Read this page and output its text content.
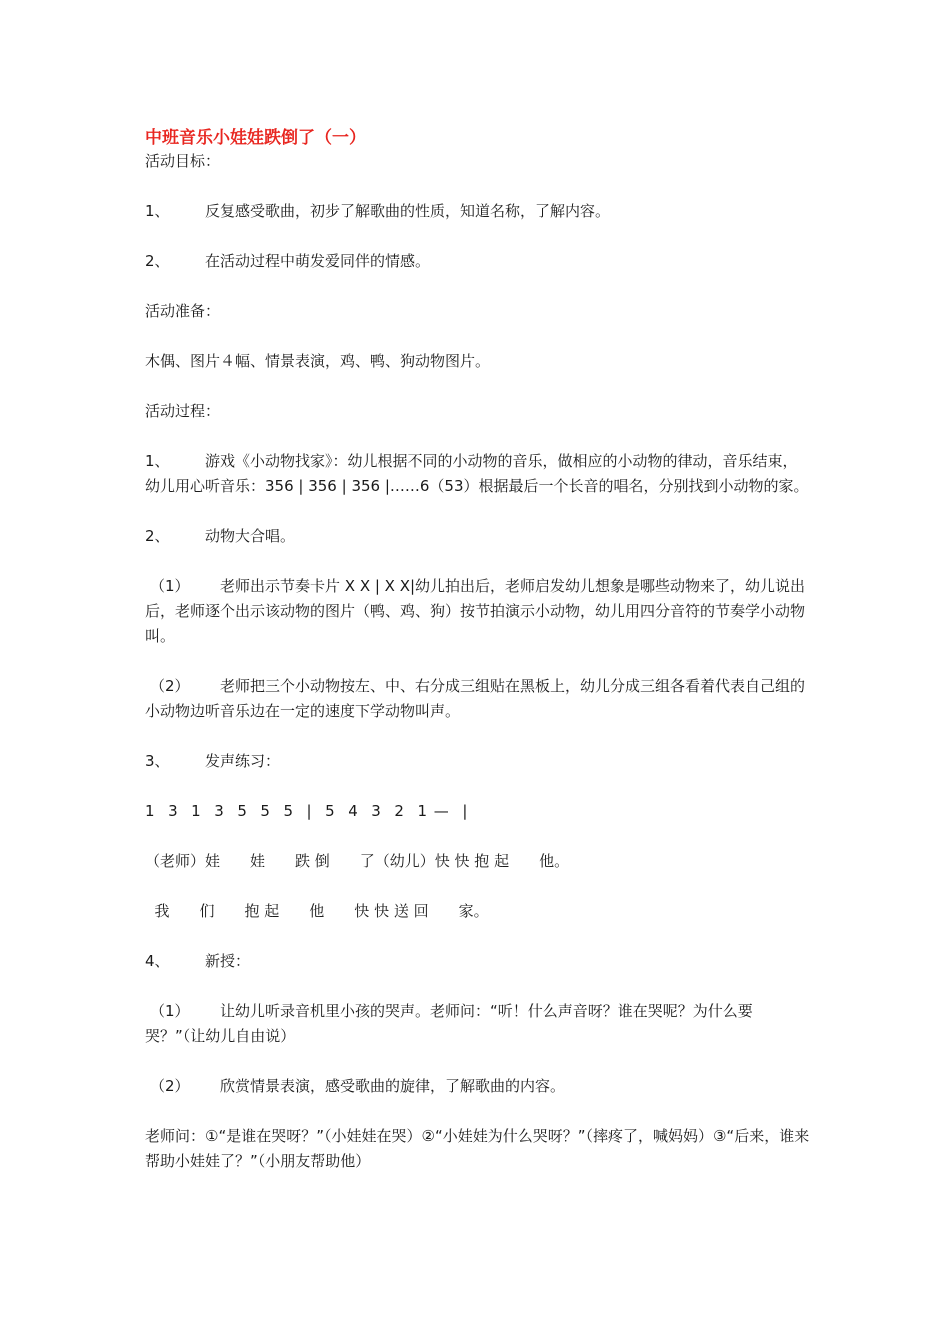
中班音乐小娃娃跌倒了（一）

活动目标：

1、 反复感受歌曲，初步了解歌曲的性质，知道名称，了解内容。

2、 在活动过程中萌发爱同伴的情感。

活动准备：

木偶、图片４幅、情景表演，鸡、鸭、狗动物图片。

活动过程：

1、 游戏《小动物找家》：幼儿根据不同的小动物的音乐，做相应的小动物的律动，音乐结束，幼儿用心听音乐：356 | 356 | 356 |……6（53）根据最后一个长音的唱名，分别找到小动物的家。

2、 动物大合唱。

（1） 老师出示节奏卡片 X X | X X|幼儿拍出后，老师启发幼儿想象是哪些动物来了，幼儿说出后，老师逐个出示该动物的图片（鸭、鸡、狗）按节拍演示小动物，幼儿用四分音符的节奏学小动物叫。

（2） 老师把三个小动物按左、中、右分成三组贴在黑板上，幼儿分成三组各看着代表自己组的小动物边听音乐边在一定的速度下学动物叫声。

3、 发声练习：

1  3  1  3  5  5  5  |  5  4  3  2  1 —  |

（老师）娃　　娃　　跌 倒　　了（幼儿）快 快 抱 起　　他。

我　　们　　抱 起　　他　　快 快 送 回　　家。

4、 新授：

（1） 让幼儿听录音机里小孩的哭声。老师问：“听！什么声音呀？谁在哭呢？为什么要哭？”（让幼儿自由说）

（2） 欣赏情景表演，感受歌曲的旋律，了解歌曲的内容。

老师问：①“是谁在哭呀？”（小娃娃在哭）②“小娃娃为什么哭呀？”（摔疼了，喊妈妈）③“后来，谁来帮助小娃娃了？”（小朋友帮助他）
